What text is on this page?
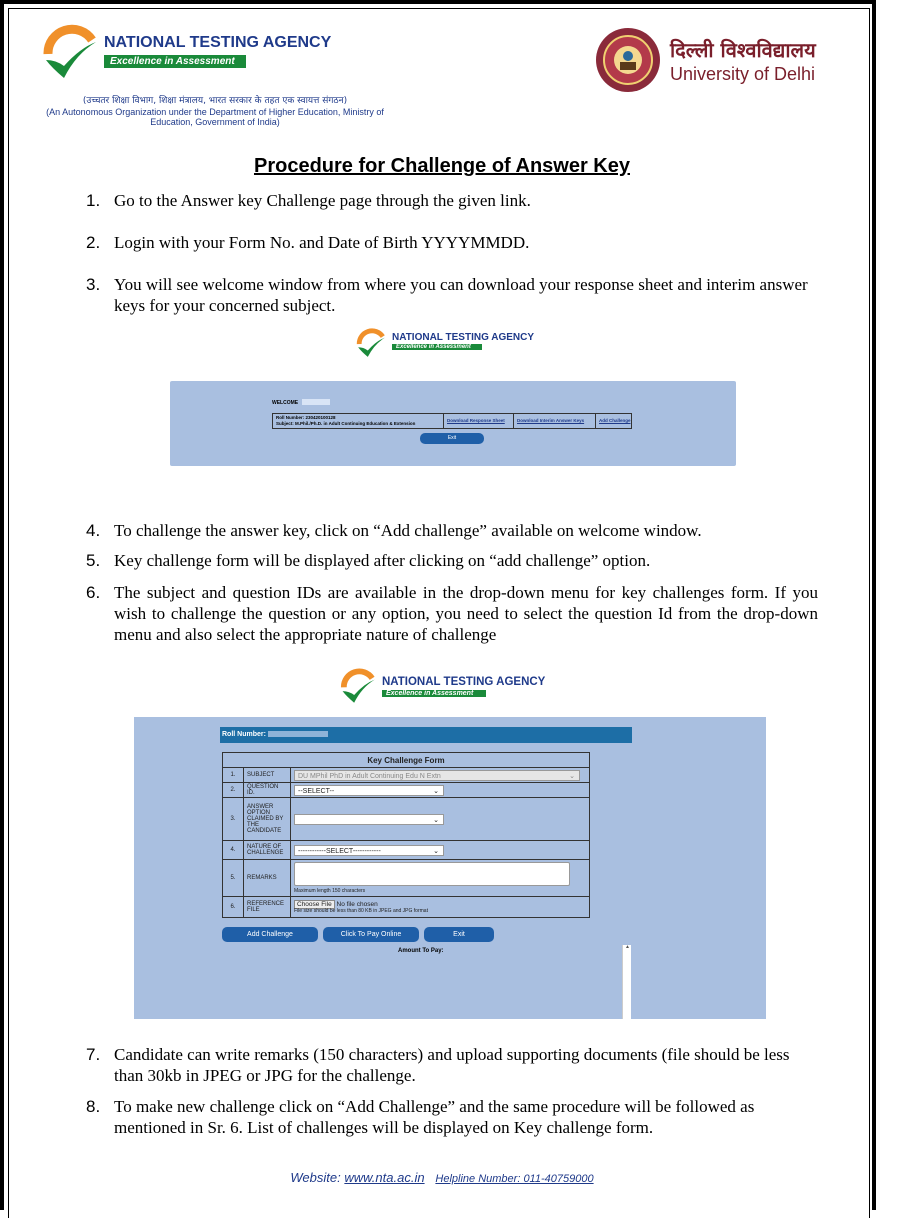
NATIONAL TESTING AGENCY
Excellence in Assessment
(उच्चतर शिक्षा विभाग, शिक्षा मंत्रालय, भारत सरकार के तहत एक स्वायत्त संगठन)
(An Autonomous Organization under the Department of Higher Education, Ministry of
Education, Government of India)
दिल्ली विश्वविद्यालय
University of Delhi
Procedure for Challenge of Answer Key
1. Go to the Answer key Challenge page through the given link.
2. Login with your Form No. and Date of Birth YYYYMMDD.
3. You will see welcome window from where you can download your response sheet and interim answer keys for your concerned subject.
NATIONAL TESTING AGENCY
Excellence in Assessment
WELCOME
Roll Number: 230420100128
Subject: M.Phil./Ph.D. in Adult Continuing Education & Extension
Download Response Sheet	Download Interim Answer Keys	Add Challenge
Exit
4. To challenge the answer key, click on “Add challenge” available on welcome window.
5. Key challenge form will be displayed after clicking on “add challenge” option.
6. The subject and question IDs are available in the drop-down menu for key challenges form. If you wish to challenge the question or any option, you need to select the question Id from the drop-down menu and also select the appropriate nature of challenge
NATIONAL TESTING AGENCY
Excellence in Assessment
Roll Number:
Key Challenge Form		
1.	SUBJECT	DU MPhil PhD in Adult Continuing Edu N Extn ⌄

2.	QUESTION ID.	--SELECT-- ⌄

3.	ANSWER OPTION CLAIMED BY THE CANDIDATE	⌄

4.	NATURE OF CHALLENGE	------------SELECT------------ ⌄

5.	REMARKS	Maximum length 150 characters

6.	REFERENCE FILE	Choose File No file chosen
File size should be less than 80 KB in JPEG and JPG format
Add Challenge	Click To Pay Online	Exit
Amount To Pay:
▲
7. Candidate can write remarks (150 characters) and upload supporting documents (file should be less than 30kb in JPEG or JPG for the challenge.
8. To make new challenge click on “Add Challenge” and the same procedure will be followed as mentioned in Sr. 6. List of challenges will be displayed on Key challenge form.
Website: www.nta.ac.in Helpline Number: 011-40759000
